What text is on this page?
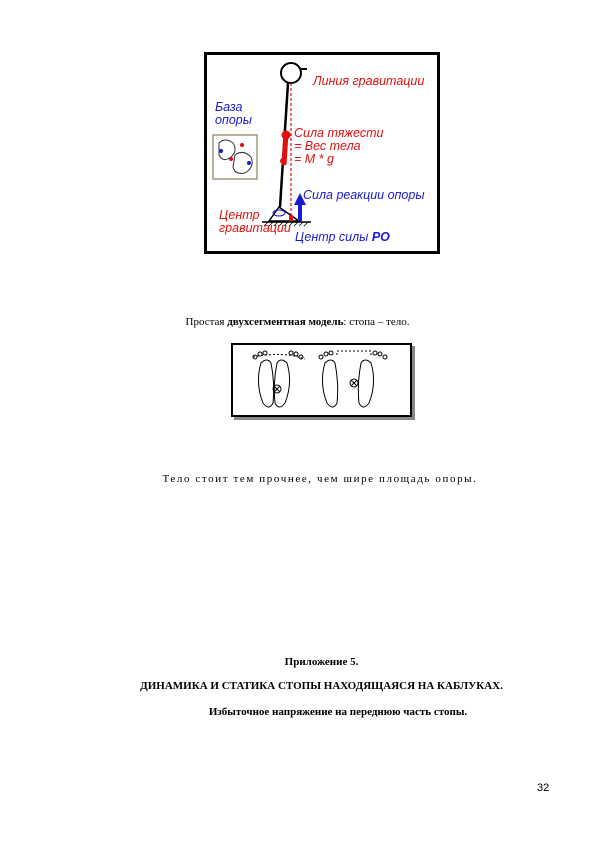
База
опоры
Линия гравитации
Сила тяжести
= Вес тела
= M * g
Сила реакции опоры
Центр
гравитации
Центр силы PO
Простая двухсегментная модель: стопа – тело.
Тело стоит тем прочнее, чем шире площадь опоры.
Приложение 5.
ДИНАМИКА И СТАТИКА СТОПЫ НАХОДЯЩАЯСЯ НА КАБЛУКАХ.
Избыточное напряжение на переднюю часть стопы.
32
